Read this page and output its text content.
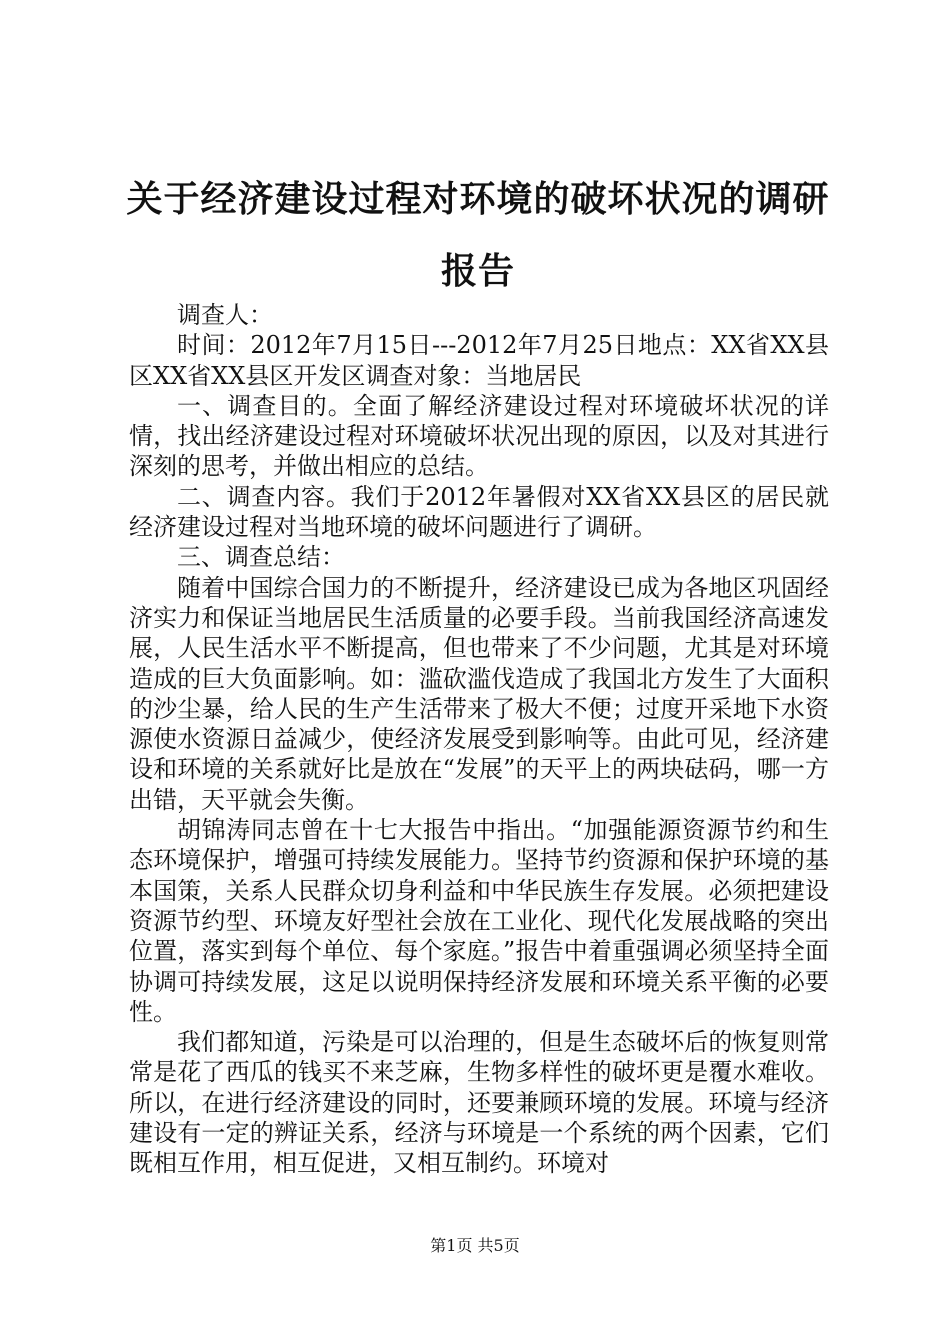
关于经济建设过程对环境的破坏状况的调研报告

调查人：

时间：2012年7月15日---2012年7月25日地点：XX省XX县区XX省XX县区开发区调查对象：当地居民

一、调查目的。全面了解经济建设过程对环境破坏状况的详情，找出经济建设过程对环境破坏状况出现的原因，以及对其进行深刻的思考，并做出相应的总结。

二、调查内容。我们于2012年暑假对XX省XX县区的居民就经济建设过程对当地环境的破坏问题进行了调研。

三、调查总结：

随着中国综合国力的不断提升，经济建设已成为各地区巩固经济实力和保证当地居民生活质量的必要手段。当前我国经济高速发展，人民生活水平不断提高，但也带来了不少问题，尤其是对环境造成的巨大负面影响。如：滥砍滥伐造成了我国北方发生了大面积的沙尘暴，给人民的生产生活带来了极大不便；过度开采地下水资源使水资源日益减少，使经济发展受到影响等。由此可见，经济建设和环境的关系就好比是放在“发展”的天平上的两块砝码，哪一方出错，天平就会失衡。

胡锦涛同志曾在十七大报告中指出。“加强能源资源节约和生态环境保护，增强可持续发展能力。坚持节约资源和保护环境的基本国策，关系人民群众切身利益和中华民族生存发展。必须把建设资源节约型、环境友好型社会放在工业化、现代化发展战略的突出位置，落实到每个单位、每个家庭。”报告中着重强调必须坚持全面协调可持续发展，这足以说明保持经济发展和环境关系平衡的必要性。

我们都知道，污染是可以治理的，但是生态破坏后的恢复则常常是花了西瓜的钱买不来芝麻，生物多样性的破坏更是覆水难收。所以，在进行经济建设的同时，还要兼顾环境的发展。环境与经济建设有一定的辨证关系，经济与环境是一个系统的两个因素，它们既相互作用，相互促进，又相互制约。环境对

第1页 共5页
